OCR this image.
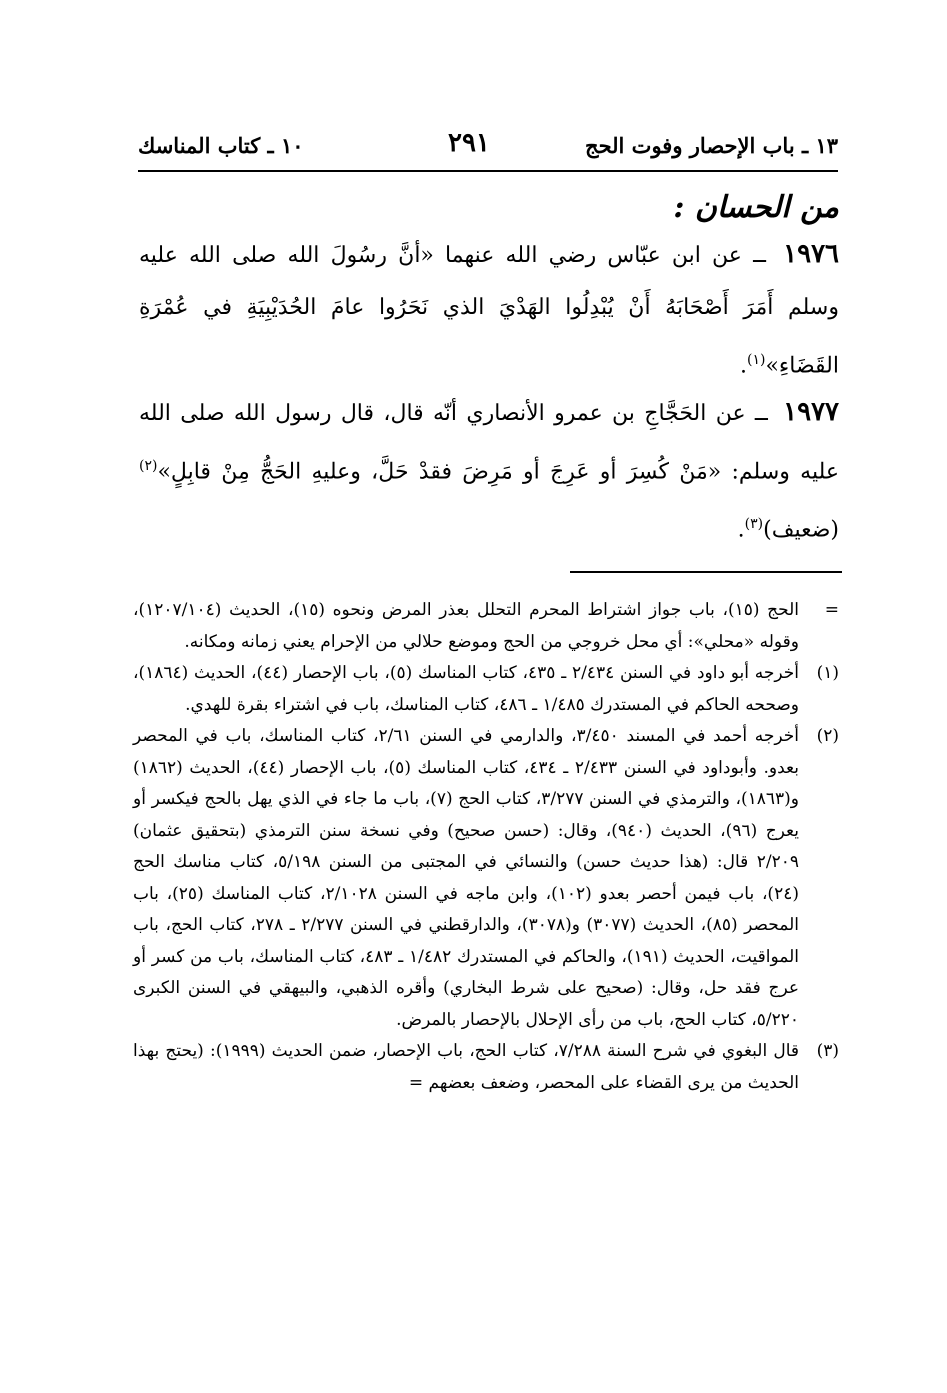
١٠ ـ كتاب المناسك	٢٩١	١٣ ـ باب الإحصار وفوت الحج
من الحسان :
١٩٧٦ ــ عن ابن عبّاس رضي الله عنهما «أنَّ رسُولَ الله صلى الله عليه وسلم أَمَرَ أَصْحَابَهُ أَنْ يُبْدِلُوا الهَدْيَ الذي نَحَرُوا عامَ الحُدَيْبِيَةِ في عُمْرَةِ القَضَاءِ»$^{(١)}$.
١٩٧٧ ــ عن الحَجَّاجِ بن عمرو الأنصاري أنّه قال، قال رسول الله صلى الله عليه وسلم: «مَنْ كُسِرَ أو عَرِجَ أو مَرِضَ فقدْ حَلَّ، وعليهِ الحَجُّ مِنْ قابِلٍ»$^{(٢)}$ (ضعيف)$^{(٣)}$.
=
الحج (١٥)، باب جواز اشتراط المحرم التحلل بعذر المرض ونحوه (١٥)، الحديث (١٢٠٧/١٠٤)، وقوله «محلي»: أي محل خروجي من الحج وموضع حلالي من الإحرام يعني زمانه ومكانه.
(١)
أخرجه أبو داود في السنن ٢/٤٣٤ ـ ٤٣٥، كتاب المناسك (٥)، باب الإحصار (٤٤)، الحديث (١٨٦٤)، وصححه الحاكم في المستدرك ١/٤٨٥ ـ ٤٨٦، كتاب المناسك، باب في اشتراء بقرة للهدي.
(٢)
أخرجه أحمد في المسند ٣/٤٥٠، والدارمي في السنن ٢/٦١، كتاب المناسك، باب في المحصر بعدو. وأبوداود في السنن ٢/٤٣٣ ـ ٤٣٤، كتاب المناسك (٥)، باب الإحصار (٤٤)، الحديث (١٨٦٢) و(١٨٦٣)، والترمذي في السنن ٣/٢٧٧، كتاب الحج (٧)، باب ما جاء في الذي يهل بالحج فيكسر أو يعرج (٩٦)، الحديث (٩٤٠)، وقال: (حسن صحيح) وفي نسخة سنن الترمذي (بتحقيق عثمان) ٢/٢٠٩ قال: (هذا حديث حسن) والنسائي في المجتبى من السنن ٥/١٩٨، كتاب مناسك الحج (٢٤)، باب فيمن أحصر بعدو (١٠٢)، وابن ماجه في السنن ٢/١٠٢٨، كتاب المناسك (٢٥)، باب المحصر (٨٥)، الحديث (٣٠٧٧) و(٣٠٧٨)، والدارقطني في السنن ٢/٢٧٧ ـ ٢٧٨، كتاب الحج، باب المواقيت، الحديث (١٩١)، والحاكم في المستدرك ١/٤٨٢ ـ ٤٨٣، كتاب المناسك، باب من كسر أو عرج فقد حل، وقال: (صحيح على شرط البخاري) وأقره الذهبي، والبيهقي في السنن الكبرى ٥/٢٢٠، كتاب الحج، باب من رأى الإحلال بالإحصار بالمرض.
(٣)
قال البغوي في شرح السنة ٧/٢٨٨، كتاب الحج، باب الإحصار، ضمن الحديث (١٩٩٩): (يحتج بهذا الحديث من يرى القضاء على المحصر، وضعف بعضهم =
